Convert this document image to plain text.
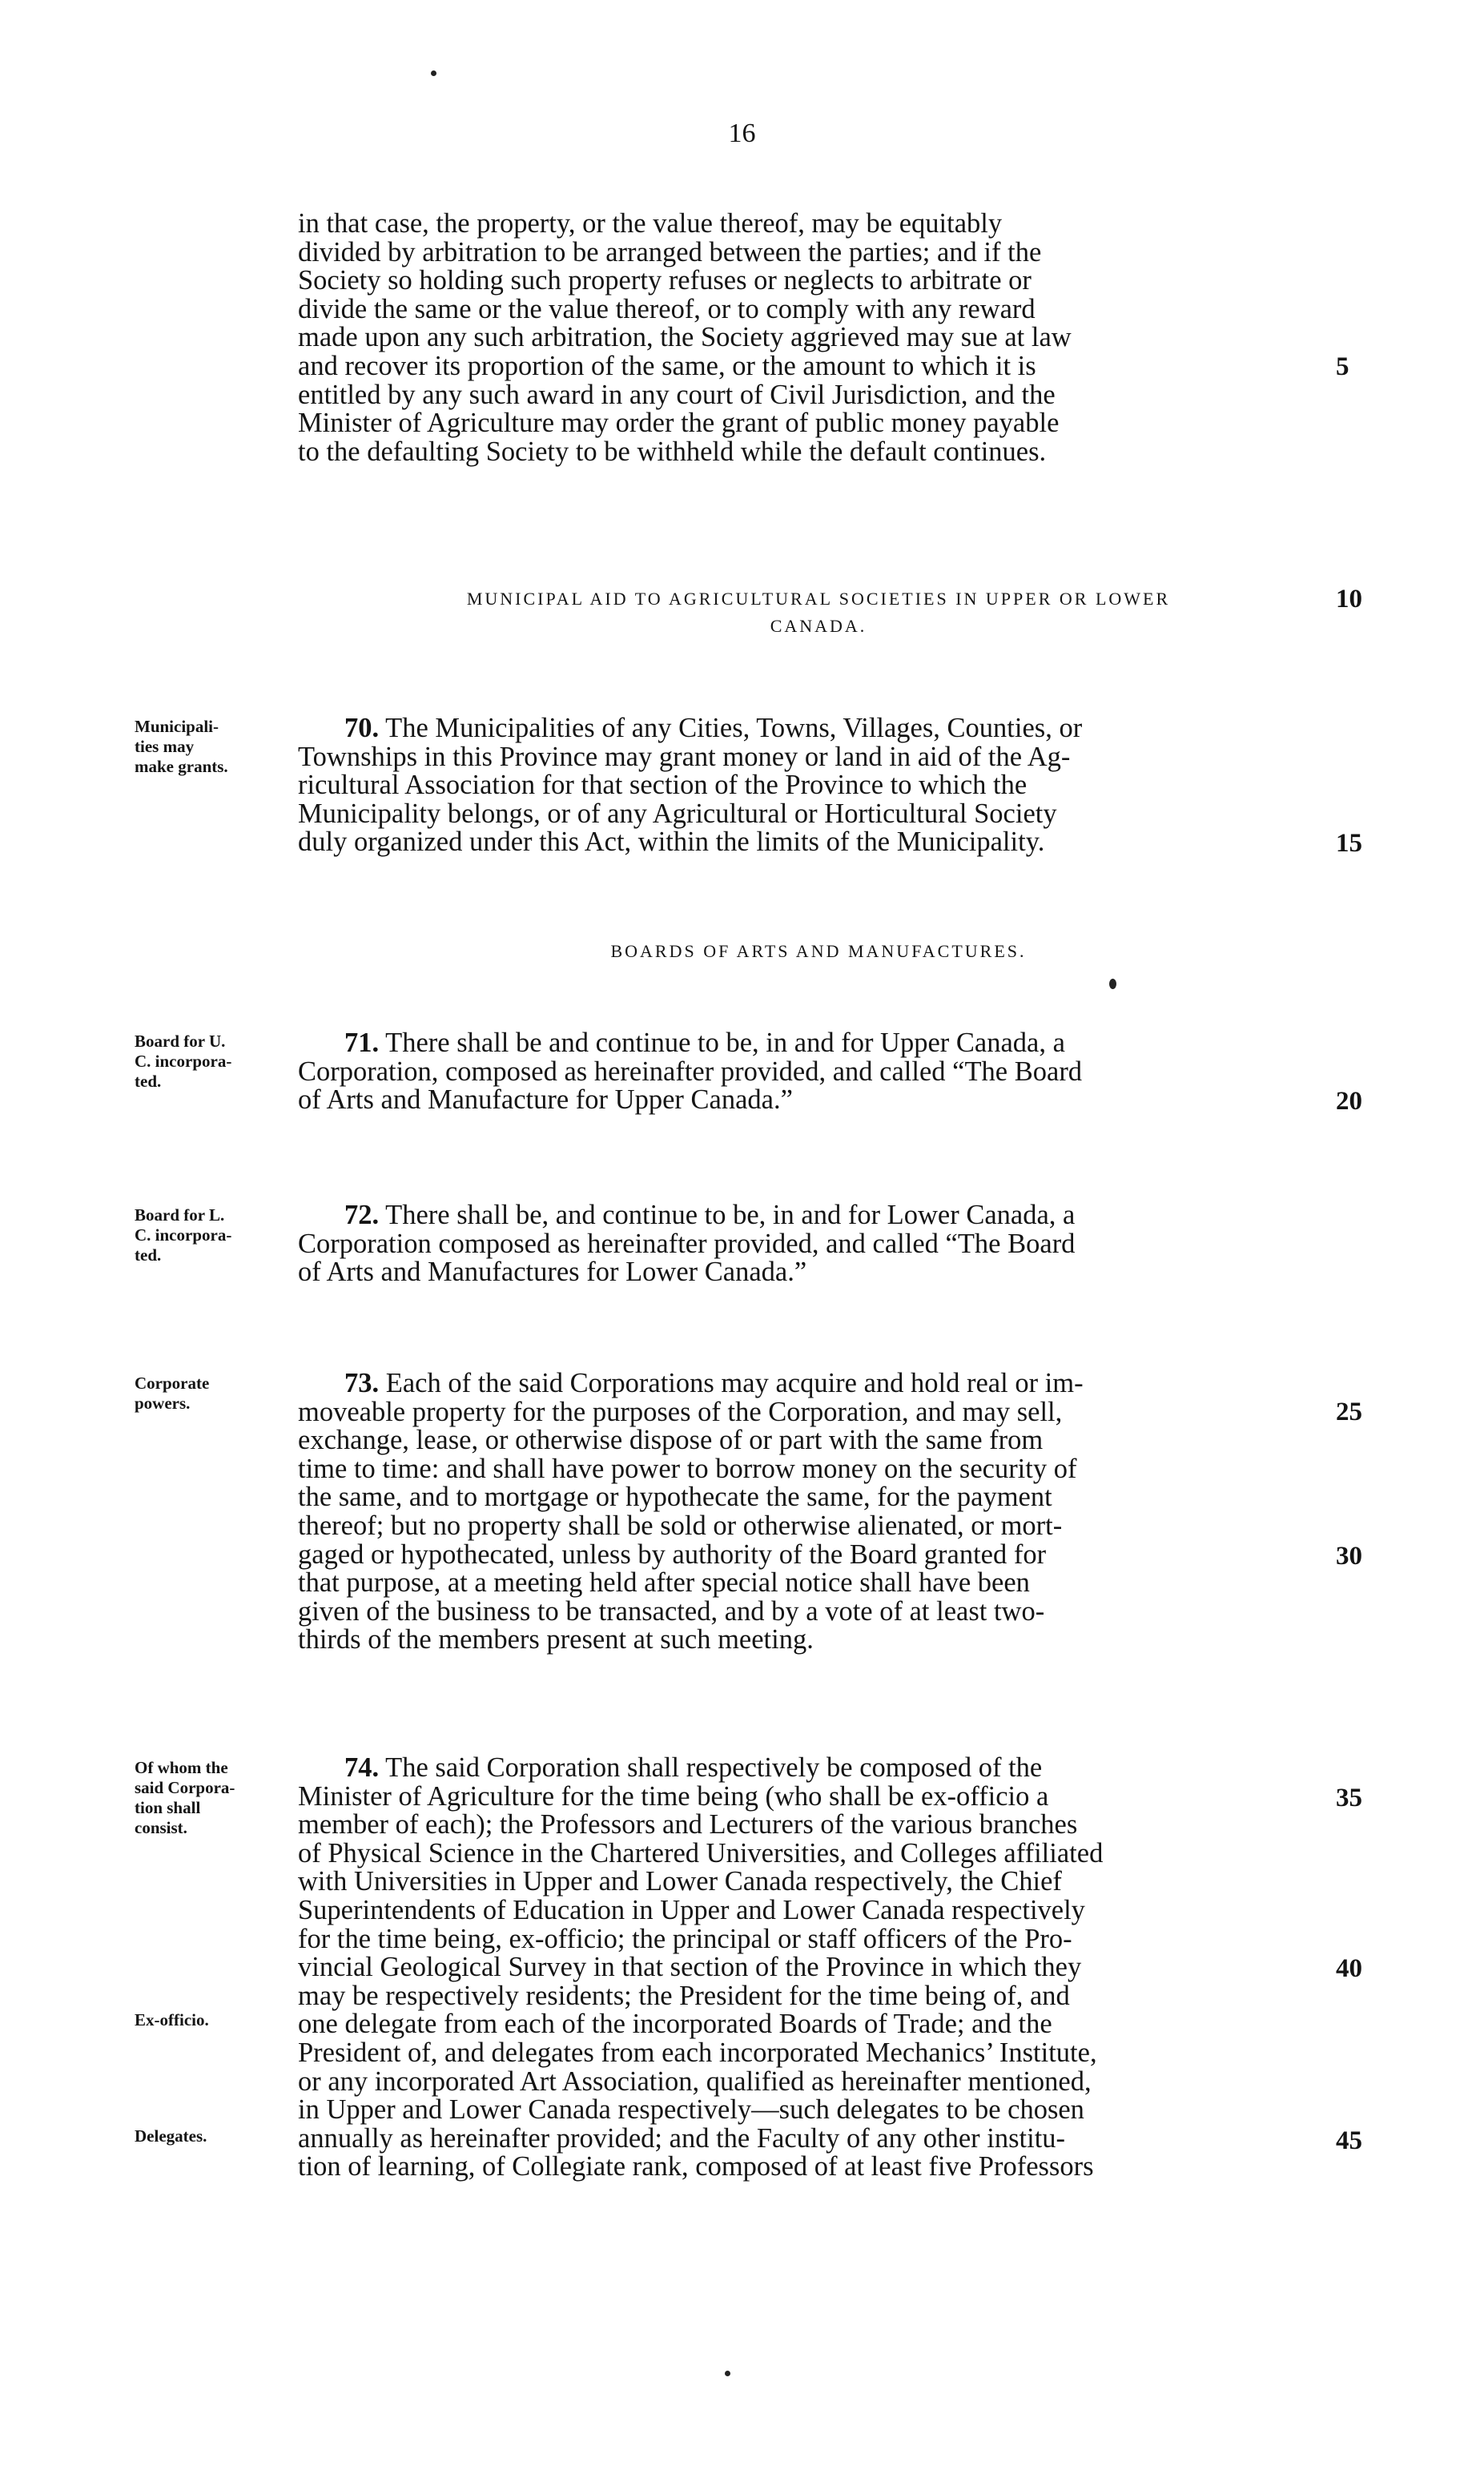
16

in that case, the property, or the value thereof, may be equitably
divided by arbitration to be arranged between the parties; and if the
Society so holding such property refuses or neglects to arbitrate or
divide the same or the value thereof, or to comply with any reward
made upon any such arbitration, the Society aggrieved may sue at law
and recover its proportion of the same, or the amount to which it is
entitled by any such award in any court of Civil Jurisdiction, and the
Minister of Agriculture may order the grant of public money payable
to the defaulting Society to be withheld while the default continues.

5
MUNICIPAL AID TO AGRICULTURAL SOCIETIES IN UPPER OR LOWER
CANADA.
10
Municipali-
ties may
make grants.

70. The Municipalities of any Cities, Towns, Villages, Counties, or
Townships in this Province may grant money or land in aid of the Ag-
ricultural Association for that section of the Province to which the
Municipality belongs, or of any Agricultural or Horticultural Society
duly organized under this Act, within the limits of the Municipality.	15
BOARDS OF ARTS AND MANUFACTURES.
Board for U.
C. incorpora-
ted.

71. There shall be and continue to be, in and for Upper Canada, a
Corporation, composed as hereinafter provided, and called “The Board
of Arts and Manufacture for Upper Canada.”	20
Board for L.
C. incorpora-
ted.

72. There shall be, and continue to be, in and for Lower Canada, a
Corporation composed as hereinafter provided, and called “The Board
of Arts and Manufactures for Lower Canada.”

Corporate
powers.

73. Each of the said Corporations may acquire and hold real or im-
moveable property for the purposes of the Corporation, and may sell,
exchange, lease, or otherwise dispose of or part with the same from
time to time: and shall have power to borrow money on the security of
the same, and to mortgage or hypothecate the same, for the payment
thereof; but no property shall be sold or otherwise alienated, or mort-
gaged or hypothecated, unless by authority of the Board granted for
that purpose, at a meeting held after special notice shall have been
given of the business to be transacted, and by a vote of at least two-
thirds of the members present at such meeting.

25
30
Of whom the
said Corpora-
tion shall
consist.
Ex-officio.
Delegates.

74. The said Corporation shall respectively be composed of the
Minister of Agriculture for the time being (who shall be ex-officio a
member of each); the Professors and Lecturers of the various branches
of Physical Science in the Chartered Universities, and Colleges affiliated
with Universities in Upper and Lower Canada respectively, the Chief
Superintendents of Education in Upper and Lower Canada respectively
for the time being, ex-officio; the principal or staff officers of the Pro-
vincial Geological Survey in that section of the Province in which they
may be respectively residents; the President for the time being of, and
one delegate from each of the incorporated Boards of Trade; and the
President of, and delegates from each incorporated Mechanics’ Institute,
or any incorporated Art Association, qualified as hereinafter mentioned,
in Upper and Lower Canada respectively—such delegates to be chosen
annually as hereinafter provided; and the Faculty of any other institu-
tion of learning, of Collegiate rank, composed of at least five Professors

35
40
45
